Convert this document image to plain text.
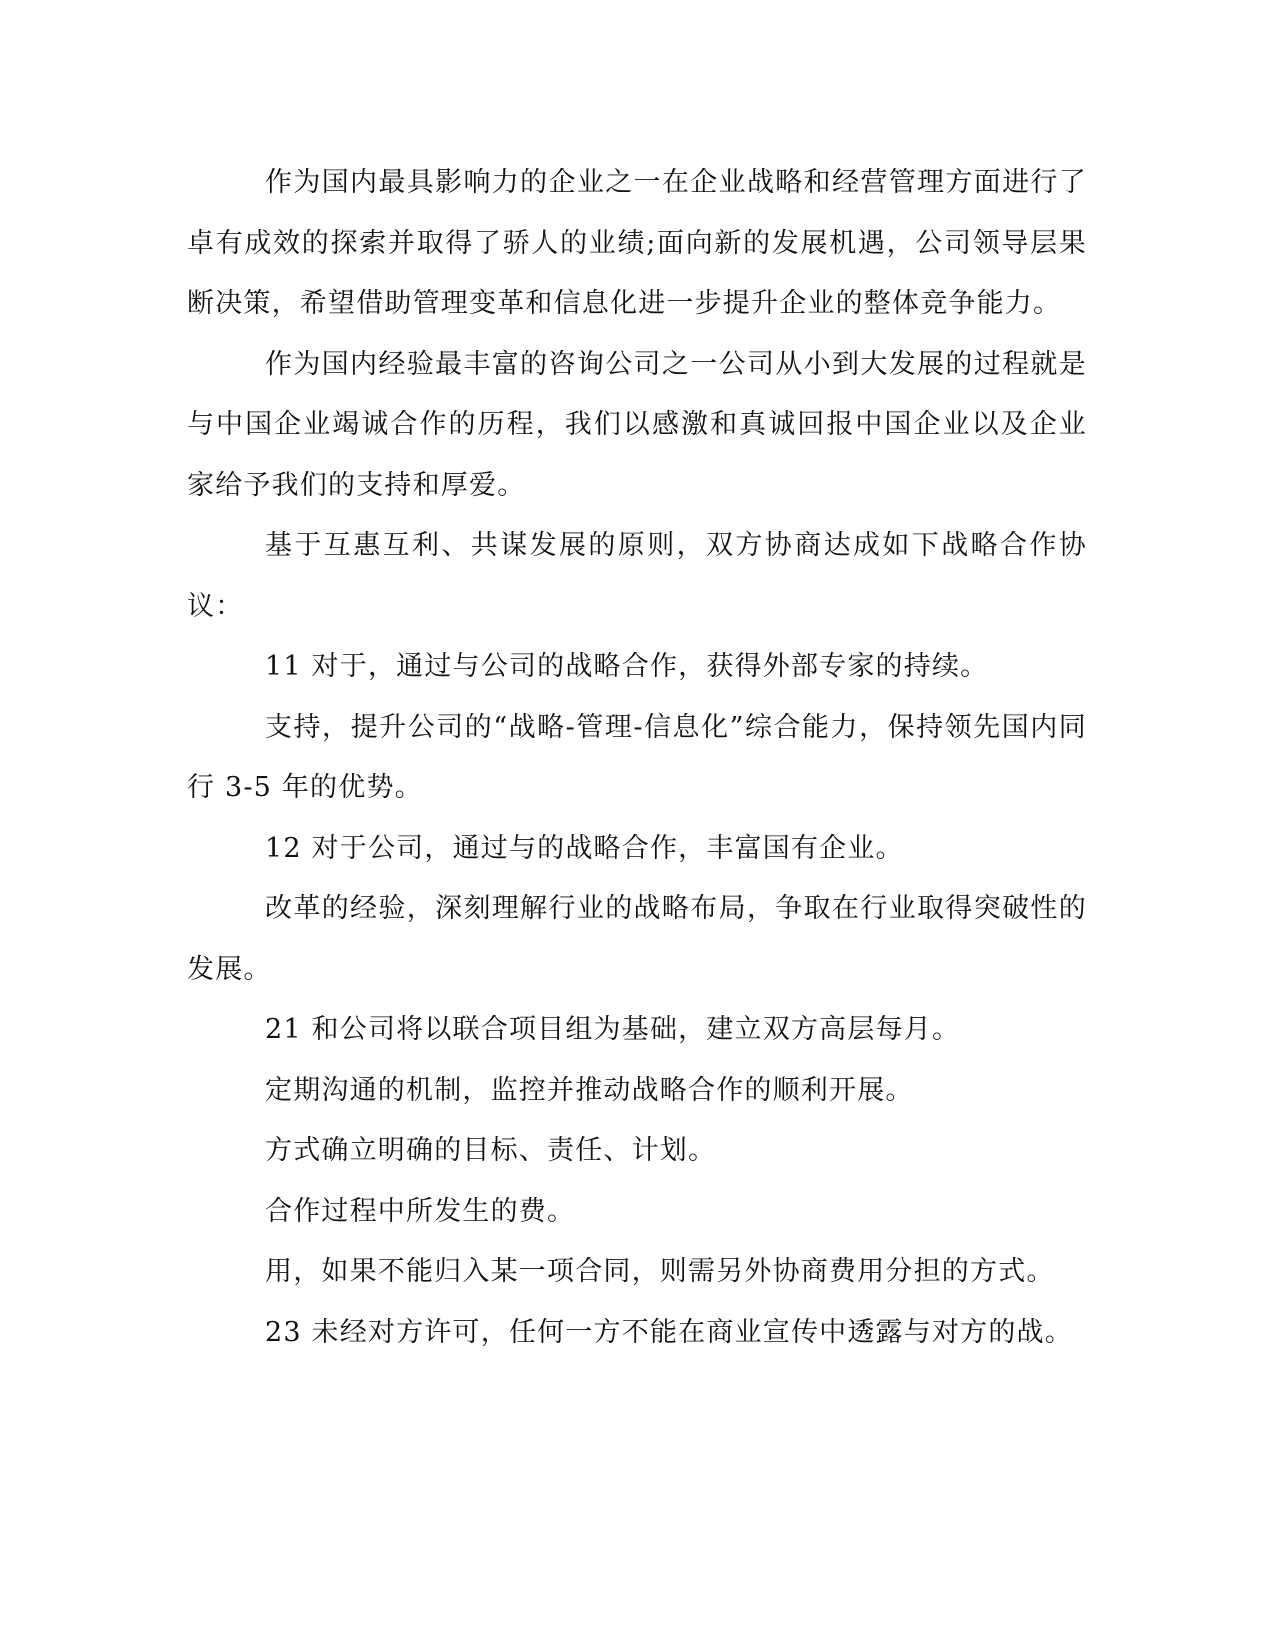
作为国内最具影响力的企业之一在企业战略和经营管理方面进行了卓有成效的探索并取得了骄人的业绩;面向新的发展机遇，公司领导层果断决策，希望借助管理变革和信息化进一步提升企业的整体竞争能力。

作为国内经验最丰富的咨询公司之一公司从小到大发展的过程就是与中国企业竭诚合作的历程，我们以感激和真诚回报中国企业以及企业家给予我们的支持和厚爱。

基于互惠互利、共谋发展的原则，双方协商达成如下战略合作协议：

11 对于，通过与公司的战略合作，获得外部专家的持续。

支持，提升公司的“战略-管理-信息化”综合能力，保持领先国内同行 3-5 年的优势。

12 对于公司，通过与的战略合作，丰富国有企业。

改革的经验，深刻理解行业的战略布局，争取在行业取得突破性的发展。

21 和公司将以联合项目组为基础，建立双方高层每月。

定期沟通的机制，监控并推动战略合作的顺利开展。

方式确立明确的目标、责任、计划。

合作过程中所发生的费。

用，如果不能归入某一项合同，则需另外协商费用分担的方式。

23 未经对方许可，任何一方不能在商业宣传中透露与对方的战。
